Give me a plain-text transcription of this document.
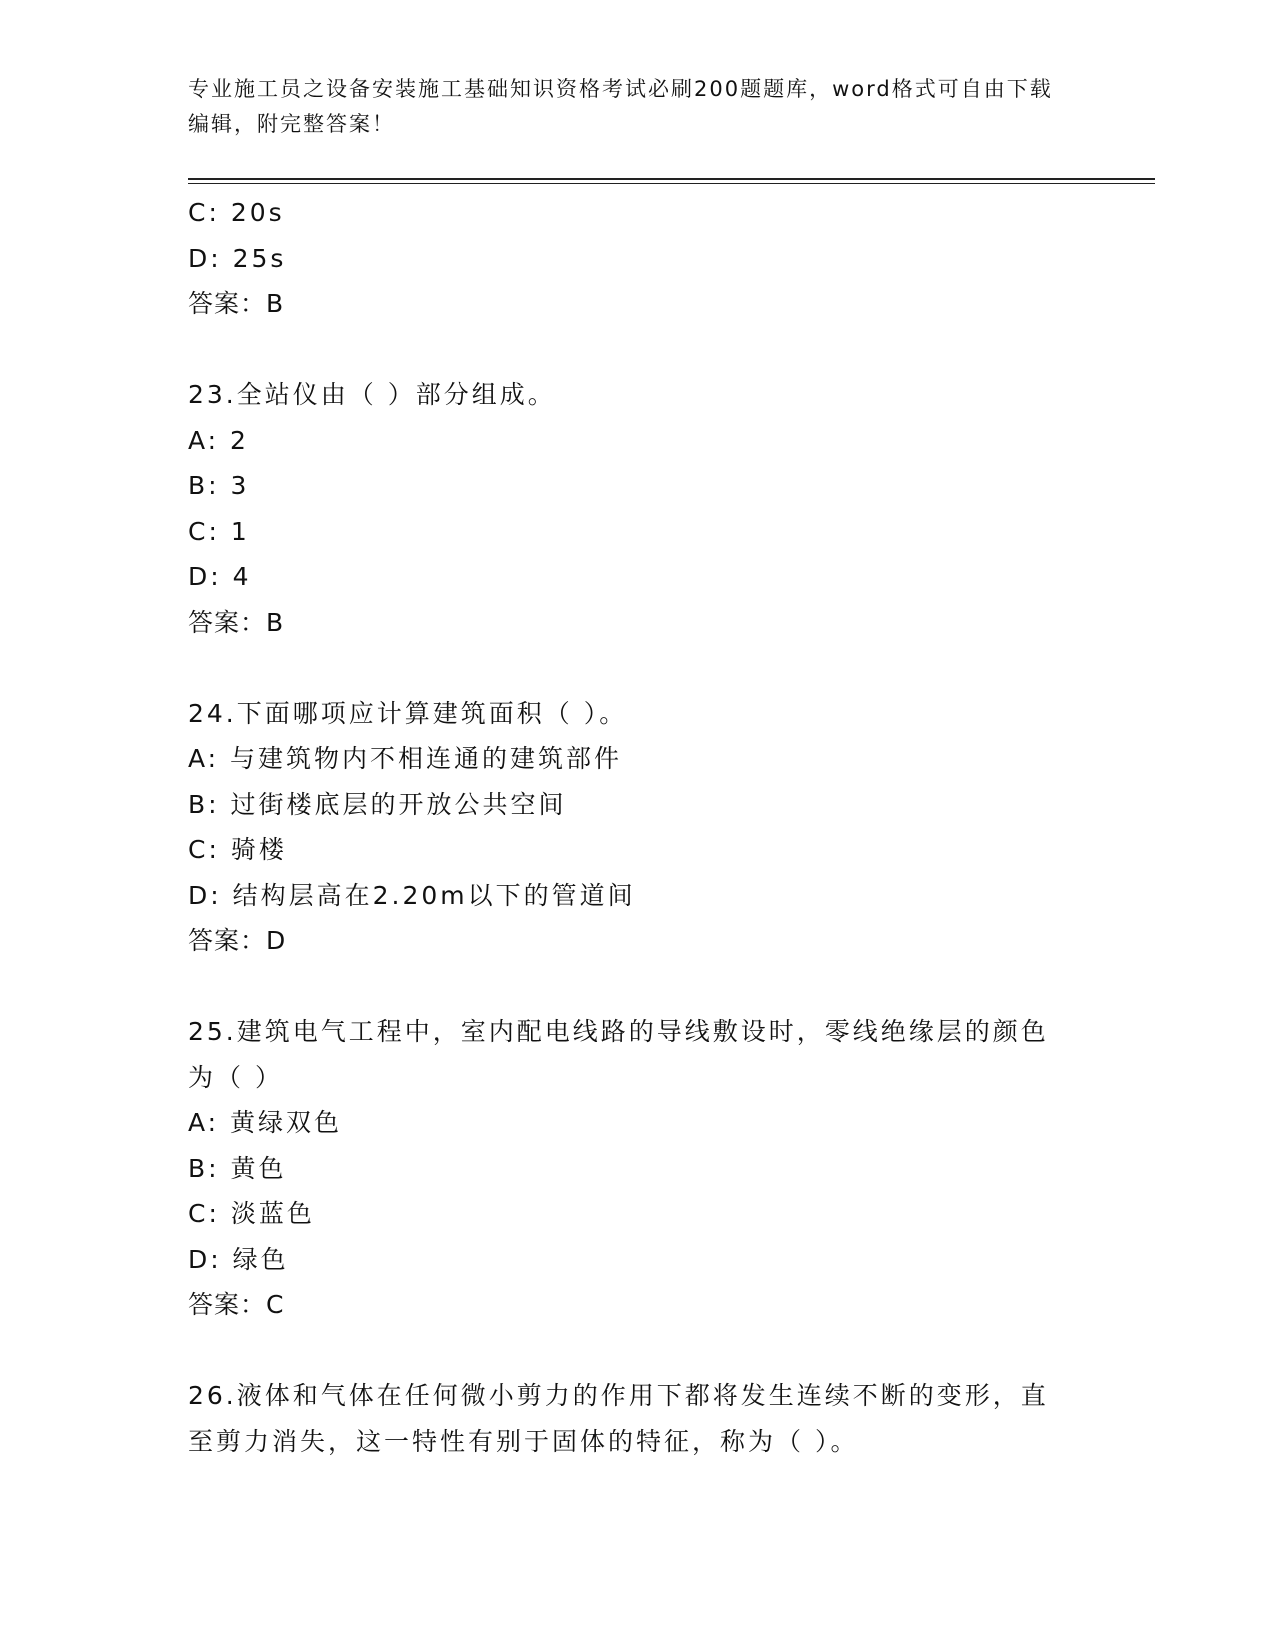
专业施工员之设备安装施工基础知识资格考试必刷200题题库，word格式可自由下载编辑，附完整答案！
C: 20s
D: 25s
答案：B
23.全站仪由（ ）部分组成。
A: 2
B: 3
C: 1
D: 4
答案：B
24.下面哪项应计算建筑面积（ ）。
A: 与建筑物内不相连通的建筑部件
B: 过街楼底层的开放公共空间
C: 骑楼
D: 结构层高在2.20m以下的管道间
答案：D
25.建筑电气工程中，室内配电线路的导线敷设时，零线绝缘层的颜色为（ ）
A: 黄绿双色
B: 黄色
C: 淡蓝色
D: 绿色
答案：C
26.液体和气体在任何微小剪力的作用下都将发生连续不断的变形，直至剪力消失，这一特性有别于固体的特征，称为（ ）。
